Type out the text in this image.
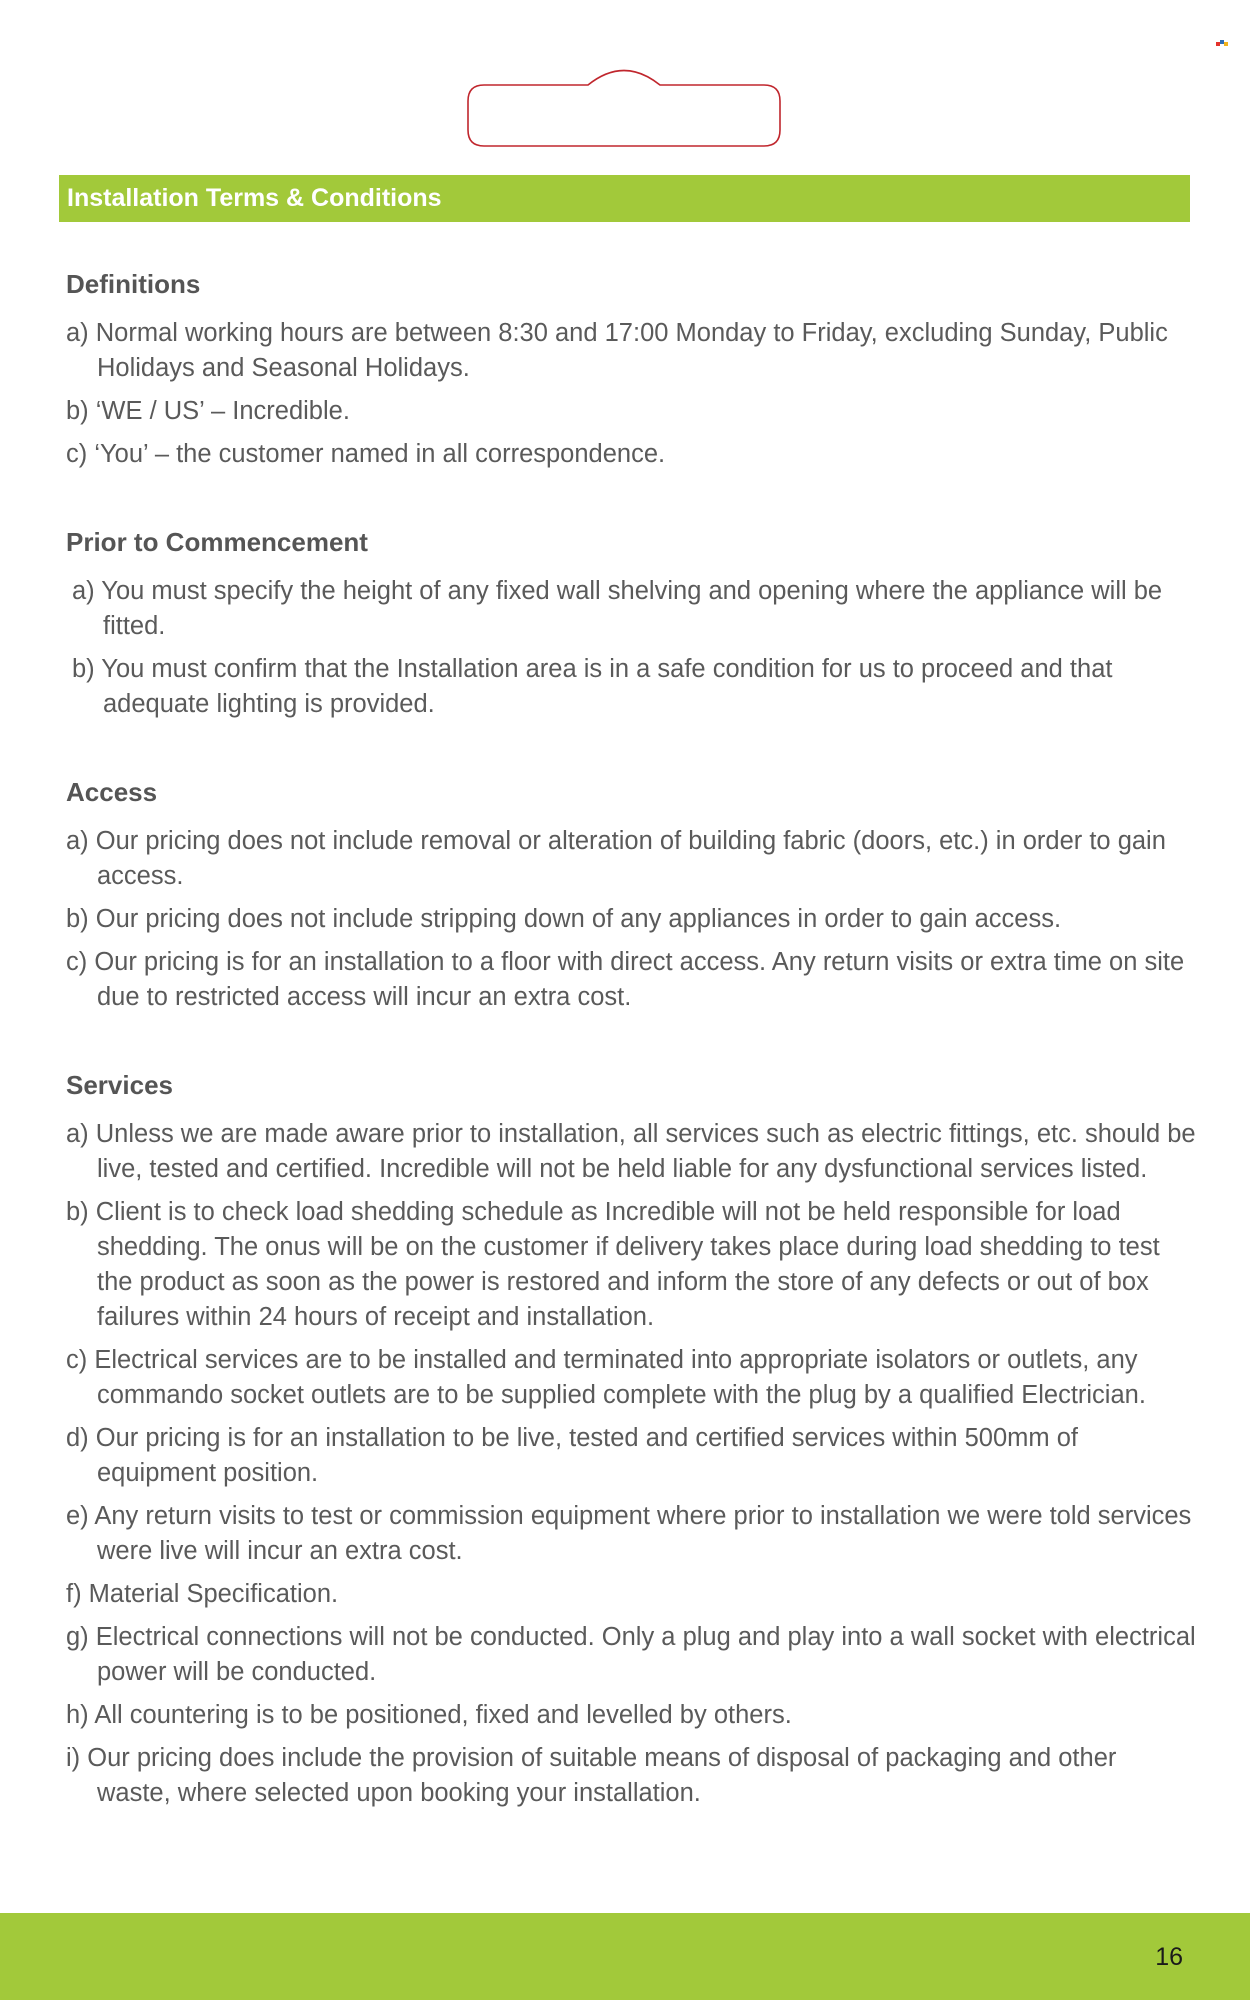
Installation Terms & Conditions
Definitions

a) Normal working hours are between 8:30 and 17:00 Monday to Friday, excluding Sunday, Public Holidays and Seasonal Holidays.

b) ‘WE / US’ – Incredible.

c) ‘You’ – the customer named in all correspondence.

Prior to Commencement

a) You must specify the height of any fixed wall shelving and opening where the appliance will be fitted.

b) You must confirm that the Installation area is in a safe condition for us to proceed and that adequate lighting is provided.

Access

a) Our pricing does not include removal or alteration of building fabric (doors, etc.) in order to gain access.

b) Our pricing does not include stripping down of any appliances in order to gain access.

c) Our pricing is for an installation to a floor with direct access. Any return visits or extra time on site due to restricted access will incur an extra cost.

Services

a) Unless we are made aware prior to installation, all services such as electric fittings, etc. should be live, tested and certified. Incredible will not be held liable for any dysfunctional services listed.

b) Client is to check load shedding schedule as Incredible will not be held responsible for load shedding. The onus will be on the customer if delivery takes place during load shedding to test the product as soon as the power is restored and inform the store of any defects or out of box failures within 24 hours of receipt and installation.

c) Electrical services are to be installed and terminated into appropriate isolators or outlets, any commando socket outlets are to be supplied complete with the plug by a qualified Electrician.

d) Our pricing is for an installation to be live, tested and certified services within 500mm of equipment position.

e) Any return visits to test or commission equipment where prior to installation we were told services were live will incur an extra cost.

f) Material Specification.

g) Electrical connections will not be conducted. Only a plug and play into a wall socket with electrical power will be conducted.

h) All countering is to be positioned, fixed and levelled by others.

i) Our pricing does include the provision of suitable means of disposal of packaging and other waste, where selected upon booking your installation.

16
